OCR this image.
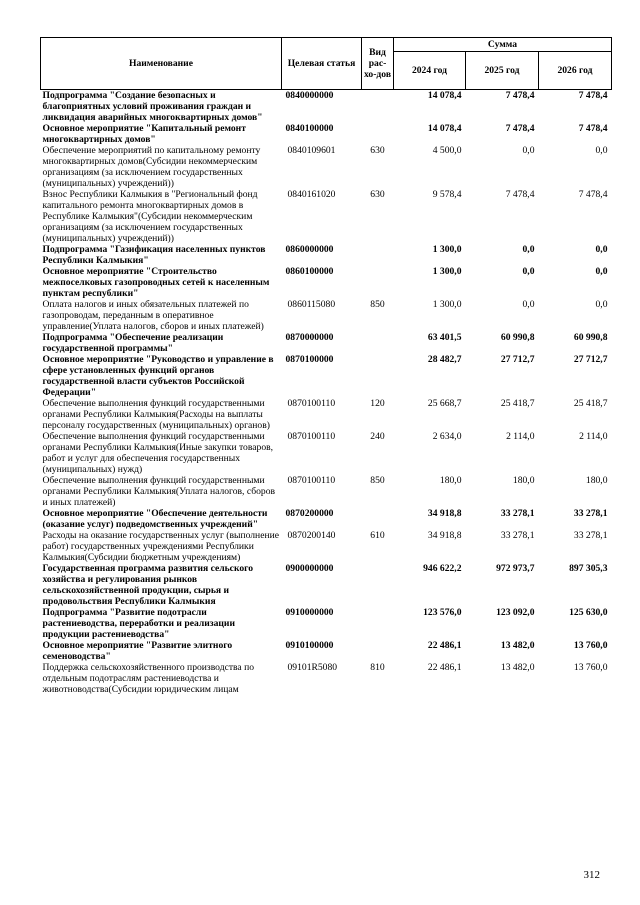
Наименование	Целевая статья	Вид рас-хо-дов	Сумма		
			2024 год	2025 год	2026 год
Подпрограмма "Создание безопасных и благоприятных условий проживания граждан и ликвидация аварийных многоквартирных домов"	0840000000		14 078,4	7 478,4	7 478,4
Основное мероприятие "Капитальный ремонт многоквартирных домов"	0840100000		14 078,4	7 478,4	7 478,4
Обеспечение мероприятий по капитальному ремонту многоквартирных домов(Субсидии некоммерческим организациям (за исключением государственных (муниципальных) учреждений))	0840109601	630	4 500,0	0,0	0,0
Взнос Республики Калмыкия в "Региональный фонд капитального ремонта многоквартирных домов в Республике Калмыкия"(Субсидии некоммерческим организациям (за исключением государственных (муниципальных) учреждений))	0840161020	630	9 578,4	7 478,4	7 478,4
Подпрограмма "Газификация населенных пунктов Республики Калмыкия"	0860000000		1 300,0	0,0	0,0
Основное мероприятие "Строительство межпоселковых газопроводных сетей к населенным пунктам республики"	0860100000		1 300,0	0,0	0,0
Оплата налогов и иных обязательных платежей по газопроводам, переданным в оперативное управление(Уплата налогов, сборов и иных платежей)	0860115080	850	1 300,0	0,0	0,0
Подпрограмма "Обеспечение реализации государственной программы"	0870000000		63 401,5	60 990,8	60 990,8
Основное мероприятие "Руководство и управление в сфере установленных функций органов государственной власти субъектов Российской Федерации"	0870100000		28 482,7	27 712,7	27 712,7
Обеспечение выполнения функций государственными органами Республики Калмыкия(Расходы на выплаты персоналу государственных (муниципальных) органов)	0870100110	120	25 668,7	25 418,7	25 418,7
Обеспечение выполнения функций государственными органами Республики Калмыкия(Иные закупки товаров, работ и услуг для обеспечения государственных (муниципальных) нужд)	0870100110	240	2 634,0	2 114,0	2 114,0
Обеспечение выполнения функций государственными органами Республики Калмыкия(Уплата налогов, сборов и иных платежей)	0870100110	850	180,0	180,0	180,0
Основное мероприятие "Обеспечение деятельности (оказание услуг) подведомственных учреждений"	0870200000		34 918,8	33 278,1	33 278,1
Расходы на оказание государственных услуг (выполнение работ) государственных учреждениями Республики Калмыкия(Субсидии бюджетным учреждениям)	0870200140	610	34 918,8	33 278,1	33 278,1
Государственная программа развития сельского хозяйства и регулирования рынков сельскохозяйственной продукции, сырья и продовольствия Республики Калмыкия	0900000000		946 622,2	972 973,7	897 305,3
Подпрограмма "Развитие подотрасли растениеводства, переработки и реализации продукции растениеводства"	0910000000		123 576,0	123 092,0	125 630,0
Основное мероприятие "Развитие элитного семеноводства"	0910100000		22 486,1	13 482,0	13 760,0
Поддержка сельскохозяйственного производства по отдельным подотраслям растениеводства и животноводства(Субсидии юридическим лицам	09101R5080	810	22 486,1	13 482,0	13 760,0
312
